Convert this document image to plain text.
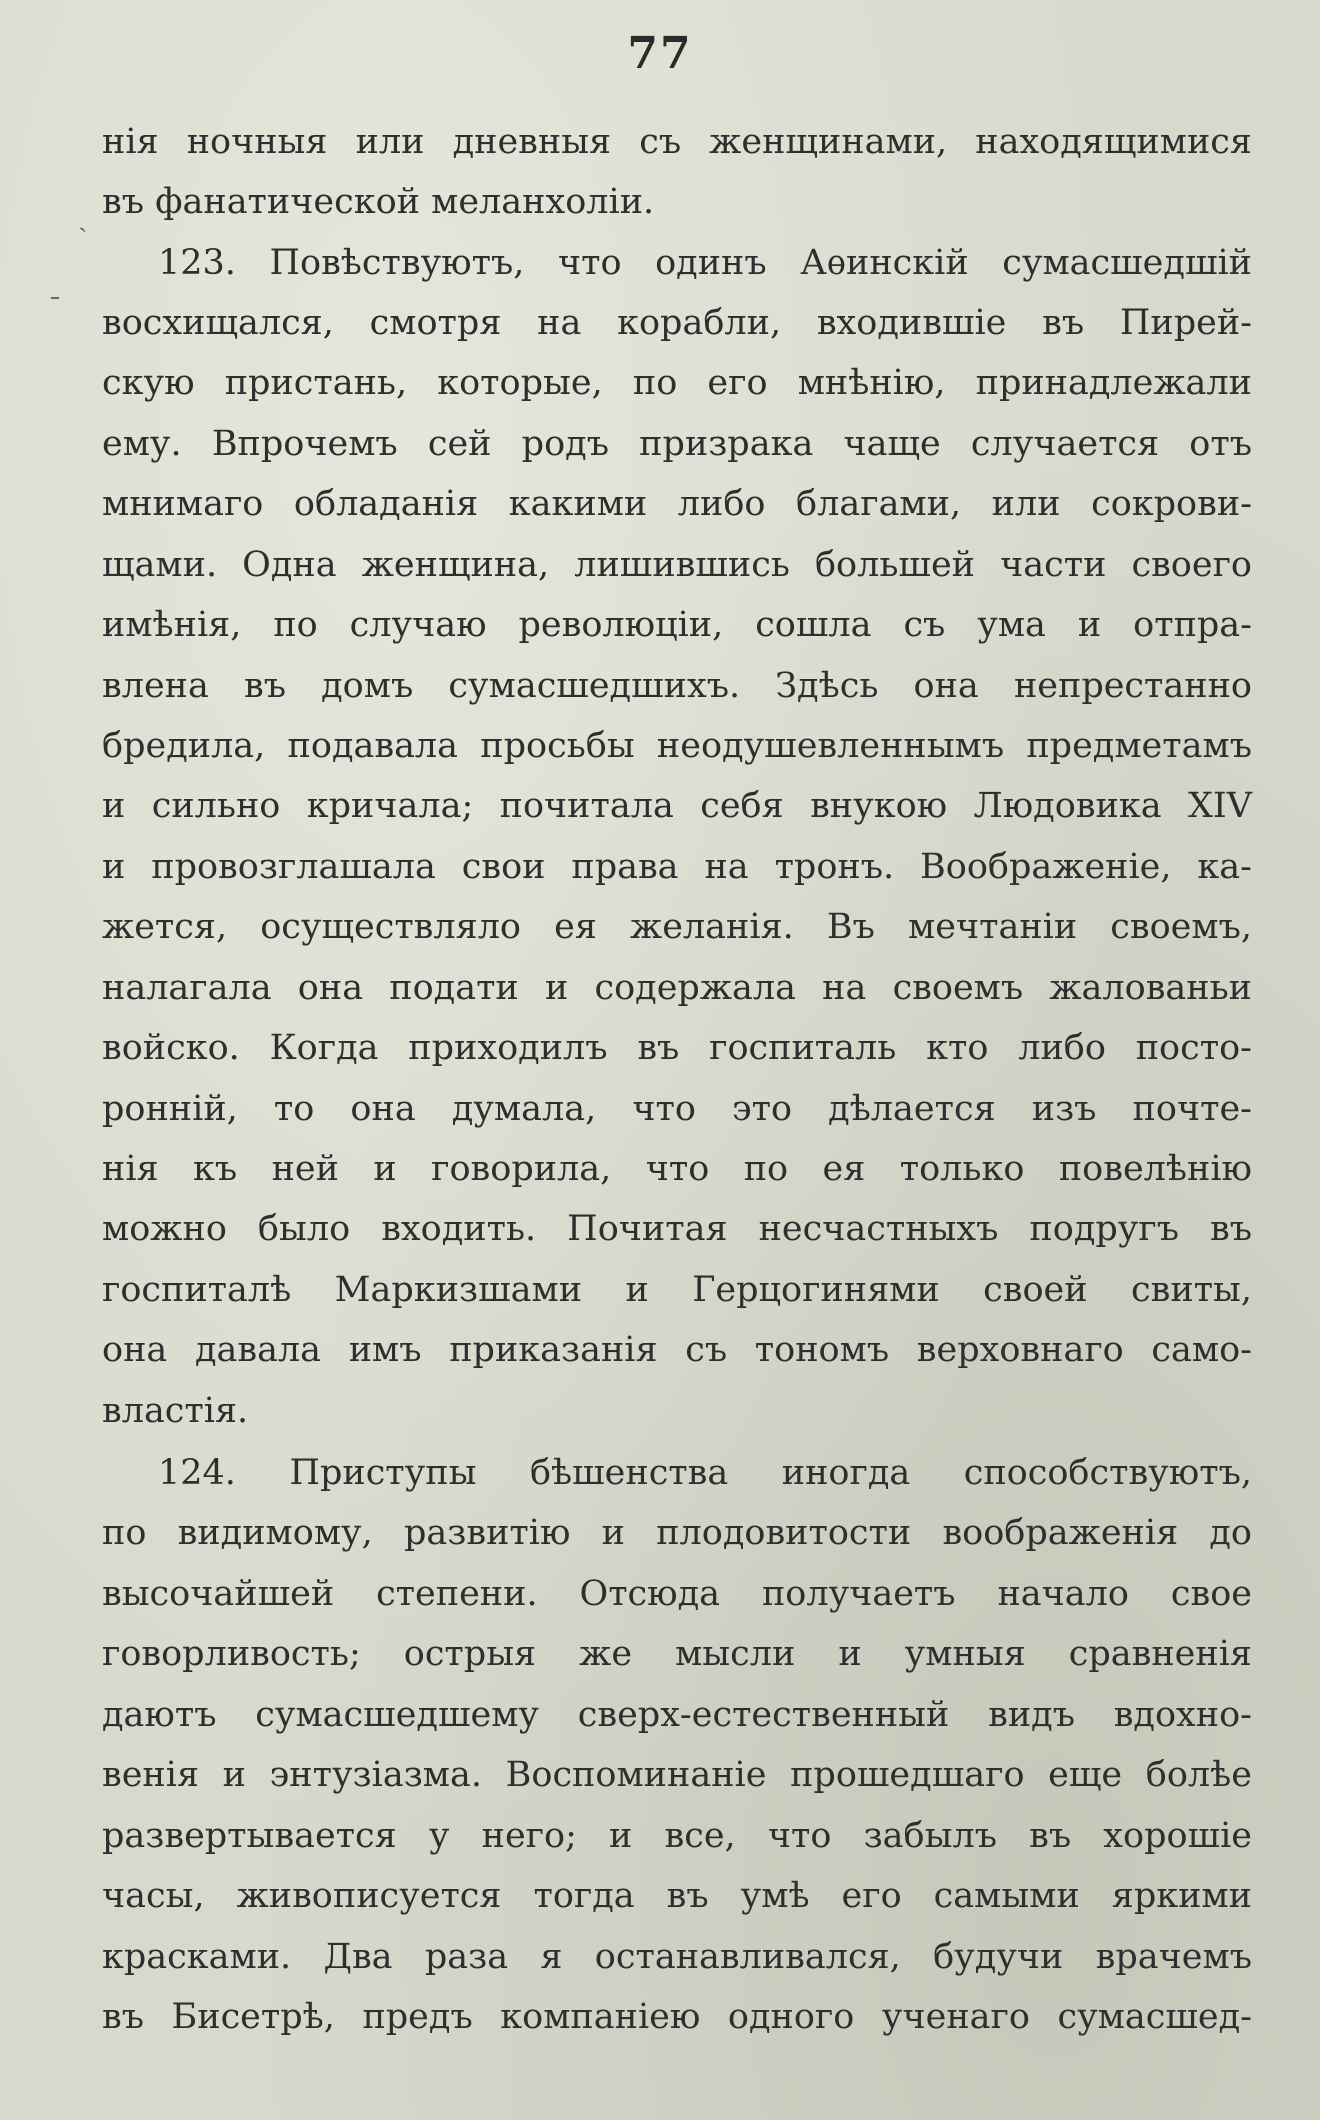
77
ˎ
ˉ
нія ночныя или дневныя съ женщинами, находящимися
въ фанатической меланхоліи.
123. Повѣствуютъ, что одинъ Аѳинскій сумасшедшій
восхищался, смотря на корабли, входившіе въ Пирей-
скую пристань, которые, по его мнѣнію, принадлежали
ему. Впрочемъ сей родъ призрака чаще случается отъ
мнимаго обладанія какими либо благами, или сокрови-
щами. Одна женщина, лишившись большей части своего
имѣнія, по случаю революціи, сошла съ ума и отпра-
влена въ домъ сумасшедшихъ. Здѣсь она непрестанно
бредила, подавала просьбы неодушевленнымъ предметамъ
и сильно кричала; почитала себя внукою Людовика XIV
и провозглашала свои права на тронъ. Воображеніе, ка-
жется, осуществляло ея желанія. Въ мечтаніи своемъ,
налагала она подати и содержала на своемъ жалованьи
войско. Когда приходилъ въ госпиталь кто либо посто-
ронній, то она думала, что это дѣлается изъ почте-
нія къ ней и говорила, что по ея только повелѣнію
можно было входить. Почитая несчастныхъ подругъ въ
госпиталѣ Маркизшами и Герцогинями своей свиты,
она давала имъ приказанія съ тономъ верховнаго само-
властія.
124. Приступы бѣшенства иногда способствуютъ,
по видимому, развитію и плодовитости воображенія до
высочайшей степени. Отсюда получаетъ начало свое
говорливость; острыя же мысли и умныя сравненія
даютъ сумасшедшему сверх-естественный видъ вдохно-
венія и энтузіазма. Воспоминаніе прошедшаго еще болѣе
развертывается у него; и все, что забылъ въ хорошіе
часы, живописуется тогда въ умѣ его самыми яркими
красками. Два раза я останавливался, будучи врачемъ
въ Бисетрѣ, предъ компаніею одного ученаго сумасшед-
